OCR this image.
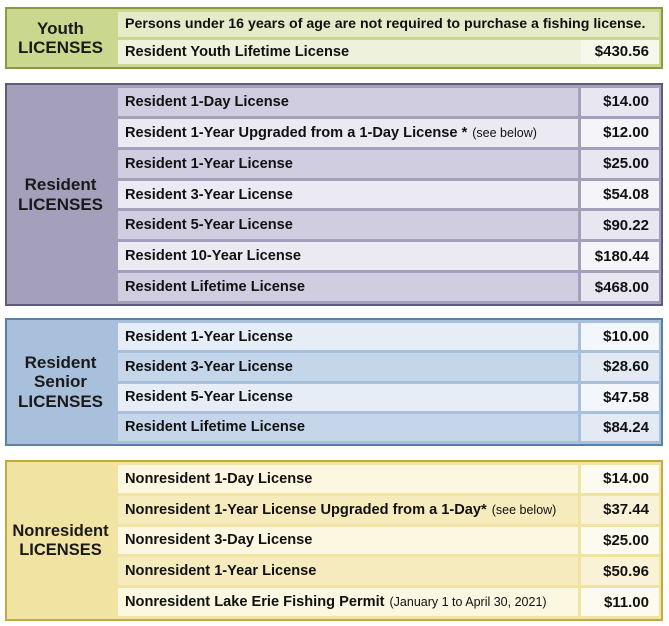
Youth
LICENSES
Persons under 16 years of age are not required to purchase a fishing license.
Resident Youth Lifetime License	$430.56
Resident
LICENSES
Resident 1-Day License	$14.00
Resident 1-Year Upgraded from a 1-Day License * (see below)	$12.00
Resident 1-Year License	$25.00
Resident 3-Year License	$54.08
Resident 5-Year License	$90.22
Resident 10-Year License	$180.44
Resident Lifetime License	$468.00
Resident
Senior
LICENSES
Resident 1-Year License	$10.00
Resident 3-Year License	$28.60
Resident 5-Year License	$47.58
Resident Lifetime License	$84.24
Nonresident
LICENSES
Nonresident 1-Day License	$14.00
Nonresident 1-Year License Upgraded from a 1-Day* (see below)	$37.44
Nonresident 3-Day License	$25.00
Nonresident 1-Year License	$50.96
Nonresident Lake Erie Fishing Permit (January 1 to April 30, 2021)	$11.00
